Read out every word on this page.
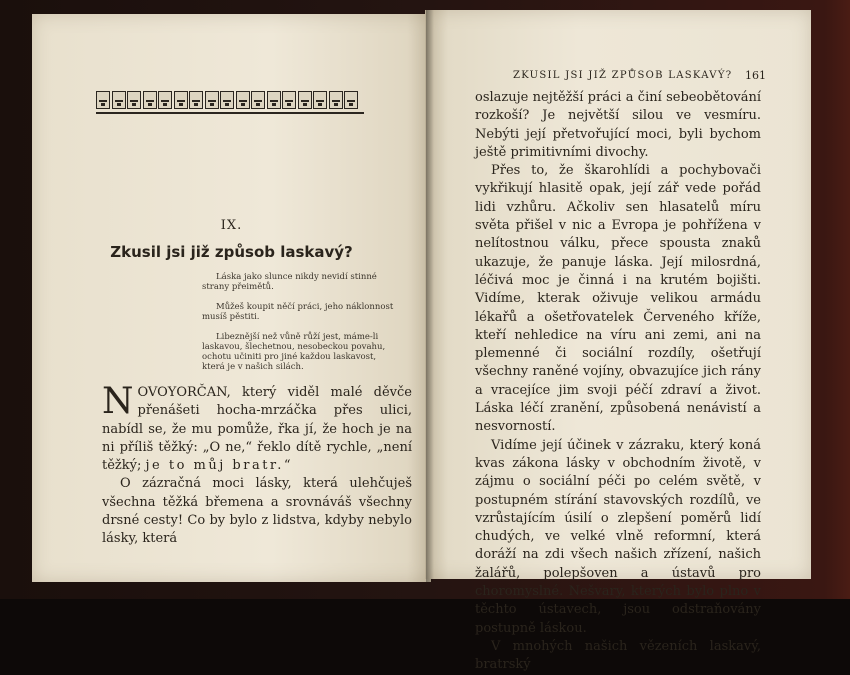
IX.
Zkusil jsi již způsob laskavý?

Láska jako slunce nikdy nevidí stinné

strany přeimětů.

Můžeš koupit něčí práci, jeho náklonnost

musíš pěstiti.

Libeznější než vůně růží jest, máme-li

laskavou, šlechetnou, nesobeckou povahu,

ochotu učiniti pro jiné každou laskavost,

která je v našich silách.

NOVOYORČAN, který viděl malé děvče přenášeti hocha-mrzáčka přes ulici, nabídl se, že mu pomůže, řka jí, že hoch je na ni příliš těžký: „O ne,“ řeklo dítě rychle, „není těžký; je to můj bratr.“

O zázračná moci lásky, která ulehčuješ všechna těžká břemena a srovnáváš všechny drsné cesty! Co by bylo z lidstva, kdyby nebylo lásky, která

ZKUSIL JSI JIŽ ZPŮSOB LASKAVÝ?	161

oslazuje nejtěžší práci a činí sebeobětování rozkoší? Je největší silou ve vesmíru. Nebýti její přetvořující moci, byli bychom ještě primitivními divochy.

Přes to, že škarohlídi a pochybovači vykřikují hlasitě opak, její zář vede pořád lidi vzhůru. Ačkoliv sen hlasatelů míru světa přišel v nic a Evropa je pohřížena v nelítostnou válku, přece spousta znaků ukazuje, že panuje láska. Její milosrdná, léčivá moc je činná i na krutém bojišti. Vidíme, kterak oživuje velikou armádu lékařů a ošetřovatelek Červeného kříže, kteří nehledice na víru ani zemi, ani na plemenné či sociální rozdíly, ošetřují všechny raněné vojíny, obvazujíce jich rány a vracejíce jim svoji péčí zdraví a život. Láska léčí zranění, způsobená nenávistí a nesvorností.

Vidíme její účinek v zázraku, který koná kvas zákona lásky v obchodním životě, v zájmu o sociální péči po celém světě, v postupném stírání stavovských rozdílů, ve vzrůstajícím úsilí o zlepšení poměrů lidí chudých, ve velké vlně reformní, která doráží na zdi všech našich zřízení, našich žalářů, polepšoven a ústavů pro choromyslné. Nešvary, kterých bylo plno v těchto ústavech, jsou odstraňovány postupně láskou.

V mnohých našich vězeních laskavý, bratrský
